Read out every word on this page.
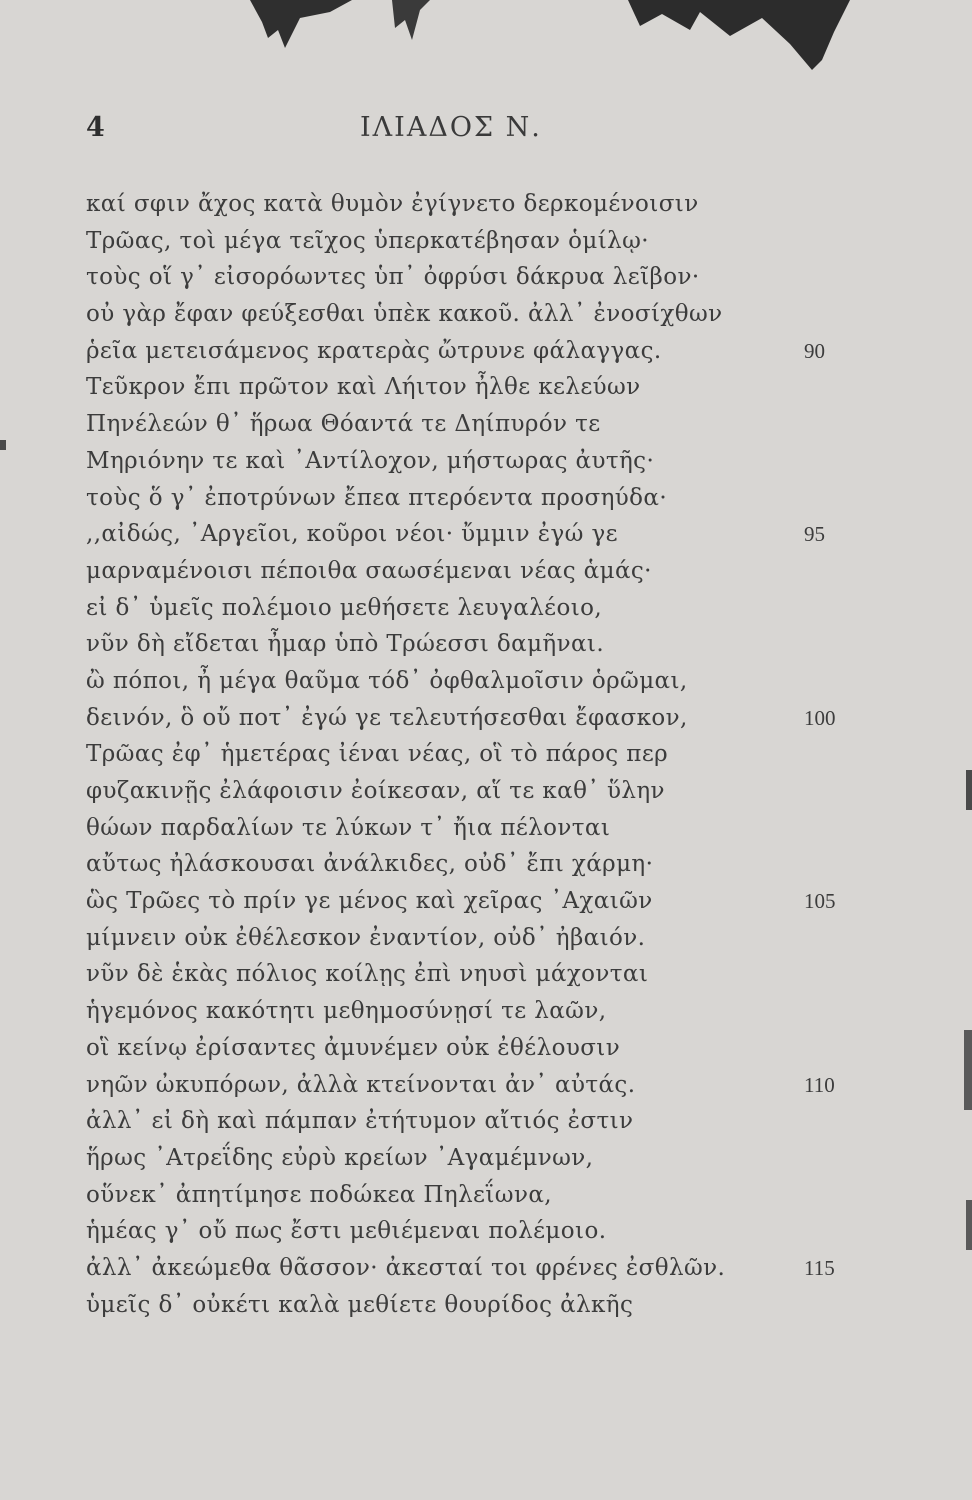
4	ΙΛΙΑΔΟΣ Ν.
καί σφιν ἄχος κατὰ θυμὸν ἐγίγνετο δερκομένοισιν
Τρῶας, τοὶ μέγα τεῖχος ὑπερκατέβησαν ὁμίλῳ·
τοὺς οἵ γ᾽ εἰσορόωντες ὑπ᾽ ὀφρύσι δάκρυα λεῖβον·
οὐ γὰρ ἔφαν φεύξεσθαι ὑπὲκ κακοῦ. ἀλλ᾽ ἐνοσίχθων
ῥεῖα μετεισάμενος κρατερὰς ὤτρυνε φάλαγγας.	90
Τεῦκρον ἔπι πρῶτον καὶ Λήιτον ἦλθε κελεύων
Πηνέλεών θ᾽ ἥρωα Θόαντά τε Δηίπυρόν τε
Μηριόνην τε καὶ ᾿Αντίλοχον, μήστωρας ἀυτῆς·
τοὺς ὅ γ᾽ ἐποτρύνων ἔπεα πτερόεντα προσηύδα·
,,αἰδώς, ᾿Αργεῖοι, κοῦροι νέοι· ὔμμιν ἐγώ γε	95
μαρναμένοισι πέποιθα σαωσέμεναι νέας ἁμάς·
εἰ δ᾽ ὑμεῖς πολέμοιο μεθήσετε λευγαλέοιο,
νῦν δὴ εἴδεται ἦμαρ ὑπὸ Τρώεσσι δαμῆναι.
ὢ πόποι, ἦ μέγα θαῦμα τόδ᾽ ὀφθαλμοῖσιν ὁρῶμαι,
δεινόν, ὃ οὔ ποτ᾽ ἐγώ γε τελευτήσεσθαι ἔφασκον,	100
Τρῶας ἐφ᾽ ἡμετέρας ἰέναι νέας, οἳ τὸ πάρος περ
φυζακινῇς ἐλάφοισιν ἐοίκεσαν, αἵ τε καθ᾽ ὕλην
θώων παρδαλίων τε λύκων τ᾽ ἤια πέλονται
αὔτως ἠλάσκουσαι ἀνάλκιδες, οὐδ᾽ ἔπι χάρμη·
ὣς Τρῶες τὸ πρίν γε μένος καὶ χεῖρας ᾿Αχαιῶν	105
μίμνειν οὐκ ἐθέλεσκον ἐναντίον, οὐδ᾽ ἠβαιόν.
νῦν δὲ ἑκὰς πόλιος κοίλῃς ἐπὶ νηυσὶ μάχονται
ἡγεμόνος κακότητι μεθημοσύνῃσί τε λαῶν,
οἳ κείνῳ ἐρίσαντες ἀμυνέμεν οὐκ ἐθέλουσιν
νηῶν ὠκυπόρων, ἀλλὰ κτείνονται ἀν᾽ αὐτάς.	110
ἀλλ᾽ εἰ δὴ καὶ πάμπαν ἐτήτυμον αἴτιός ἐστιν
ἥρως ᾿Ατρεΐδης εὐρὺ κρείων ᾿Αγαμέμνων,
οὕνεκ᾽ ἀπητίμησε ποδώκεα Πηλεΐωνα,
ἡμέας γ᾽ οὔ πως ἔστι μεθιέμεναι πολέμοιο.
ἀλλ᾽ ἀκεώμεθα θᾶσσον· ἀκεσταί τοι φρένες ἐσθλῶν.	115
ὑμεῖς δ᾽ οὐκέτι καλὰ μεθίετε θουρίδος ἀλκῆς
